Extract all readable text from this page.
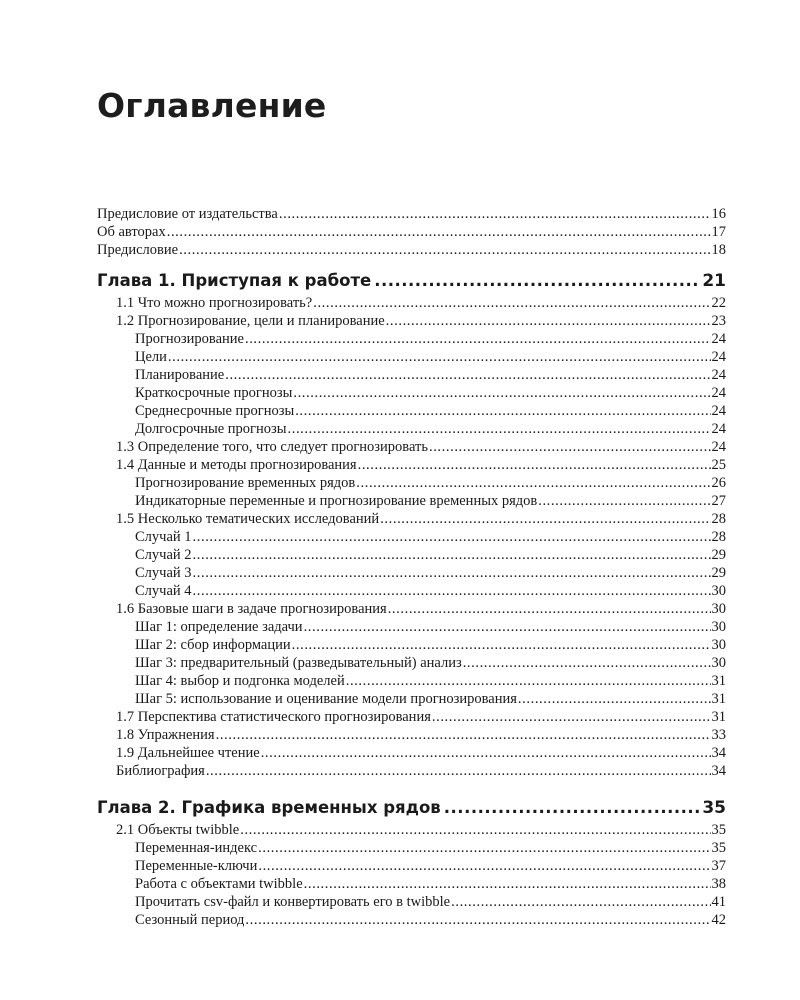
Оглавление
Предисловие от издательства .....	16
Об авторах .....	17
Предисловие .....	18
Глава 1. Приступая к работе .....	21
1.1 Что можно прогнозировать? .....	22
1.2 Прогнозирование, цели и планирование .....	23
Прогнозирование .....	24
Цели .....	24
Планирование .....	24
Краткосрочные прогнозы .....	24
Среднесрочные прогнозы .....	24
Долгосрочные прогнозы .....	24
1.3 Определение того, что следует прогнозировать .....	24
1.4 Данные и методы прогнозирования .....	25
Прогнозирование временных рядов .....	26
Индикаторные переменные и прогнозирование временных рядов .....	27
1.5 Несколько тематических исследований .....	28
Случай 1 .....	28
Случай 2 .....	29
Случай 3 .....	29
Случай 4 .....	30
1.6 Базовые шаги в задаче прогнозирования .....	30
Шаг 1: определение задачи .....	30
Шаг 2: сбор информации .....	30
Шаг 3: предварительный (разведывательный) анализ .....	30
Шаг 4: выбор и подгонка моделей .....	31
Шаг 5: использование и оценивание модели прогнозирования .....	31
1.7 Перспектива статистического прогнозирования .....	31
1.8 Упражнения .....	33
1.9 Дальнейшее чтение .....	34
Библиография .....	34
Глава 2. Графика временных рядов .....	35
2.1 Объекты twibble .....	35
Переменная-индекс .....	35
Переменные-ключи .....	37
Работа с объектами twibble .....	38
Прочитать csv-файл и конвертировать его в twibble .....	41
Сезонный период .....	42
